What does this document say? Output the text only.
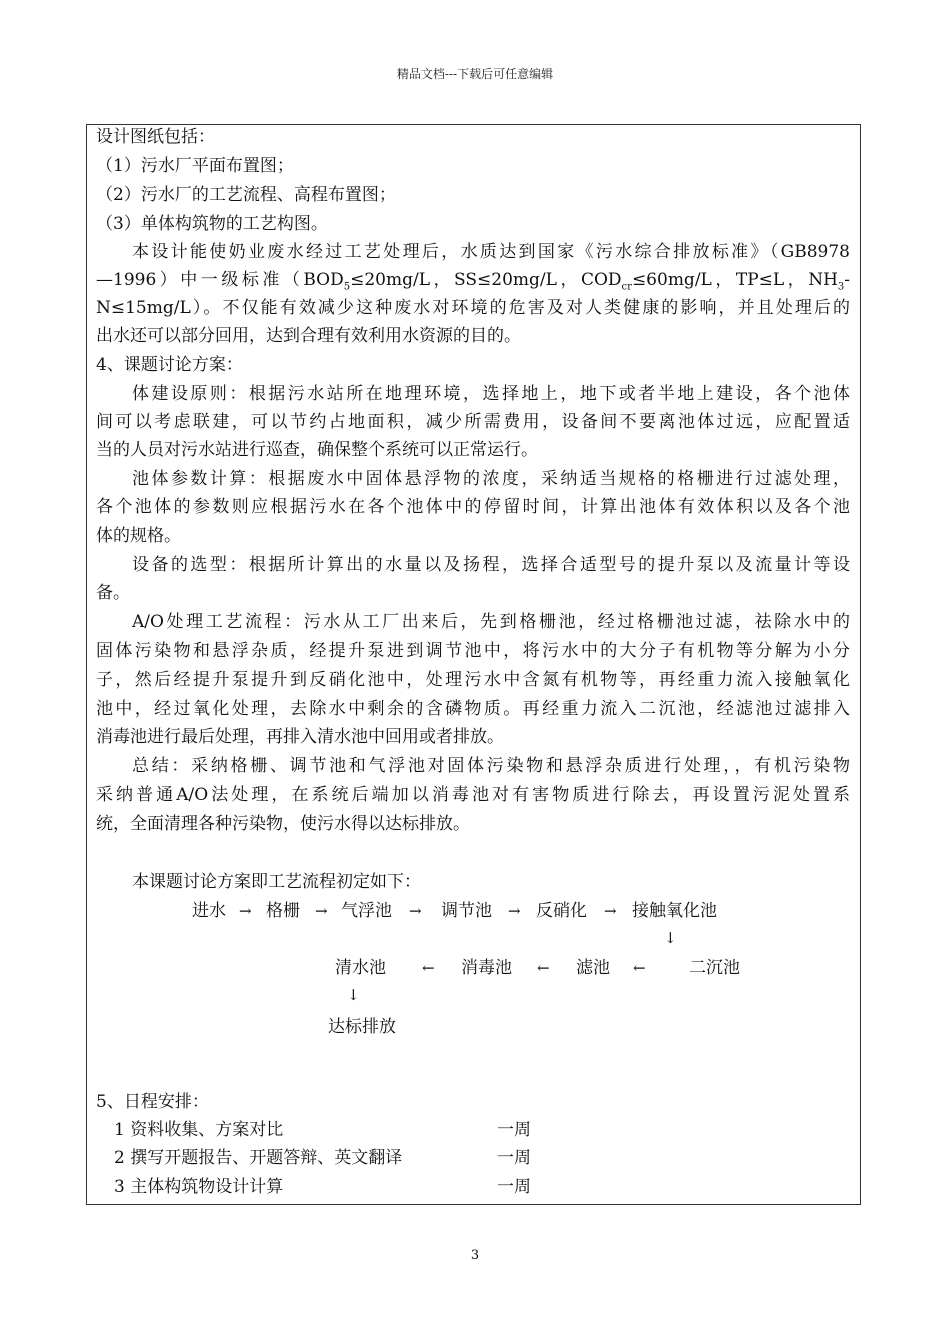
精品文档---下载后可任意编辑
设计图纸包括：
（1）污水厂平面布置图；
（2）污水厂的工艺流程、高程布置图；
（3）单体构筑物的工艺构图。
本设计能使奶业废水经过工艺处理后，水质达到国家《污水综合排放标准》（GB8978
—1996）中一级标准（$BOD_5\le 20mg/L$，SS≤20mg/L，$COD_{cr}\le 60mg/L$，TP≤L，$NH_3-$
N≤15mg/L）。不仅能有效减少这种废水对环境的危害及对人类健康的影响，并且处理后的
出水还可以部分回用，达到合理有效利用水资源的目的。
4、课题讨论方案：
体建设原则：根据污水站所在地理环境，选择地上，地下或者半地上建设，各个池体
间可以考虑联建，可以节约占地面积，减少所需费用，设备间不要离池体过远，应配置适
当的人员对污水站进行巡查，确保整个系统可以正常运行。
池体参数计算：根据废水中固体悬浮物的浓度，采纳适当规格的格栅进行过滤处理，
各个池体的参数则应根据污水在各个池体中的停留时间，计算出池体有效体积以及各个池
体的规格。
设备的选型：根据所计算出的水量以及扬程，选择合适型号的提升泵以及流量计等设
备。
A/O处理工艺流程：污水从工厂出来后，先到格栅池，经过格栅池过滤，祛除水中的
固体污染物和悬浮杂质，经提升泵进到调节池中，将污水中的大分子有机物等分解为小分
子，然后经提升泵提升到反硝化池中，处理污水中含氮有机物等，再经重力流入接触氧化
池中，经过氧化处理，去除水中剩余的含磷物质。再经重力流入二沉池，经滤池过滤排入
消毒池进行最后处理，再排入清水池中回用或者排放。
总结：采纳格栅、调节池和气浮池对固体污染物和悬浮杂质进行处理，，有机污染物
采纳普通A/O法处理，在系统后端加以消毒池对有害物质进行除去，再设置污泥处置系
统，全面清理各种污染物，使污水得以达标排放。
本课题讨论方案即工艺流程初定如下：
进水 → 格栅 → 气浮池 → 调节池 → 反硝化 → 接触氧化池
↓
清水池 ← 消毒池 ← 滤池 ←	二沉池
↓
达标排放
5、日程安排：
1 资料收集、方案对比	一周
2 撰写开题报告、开题答辩、英文翻译	一周
3 主体构筑物设计计算	一周
3
